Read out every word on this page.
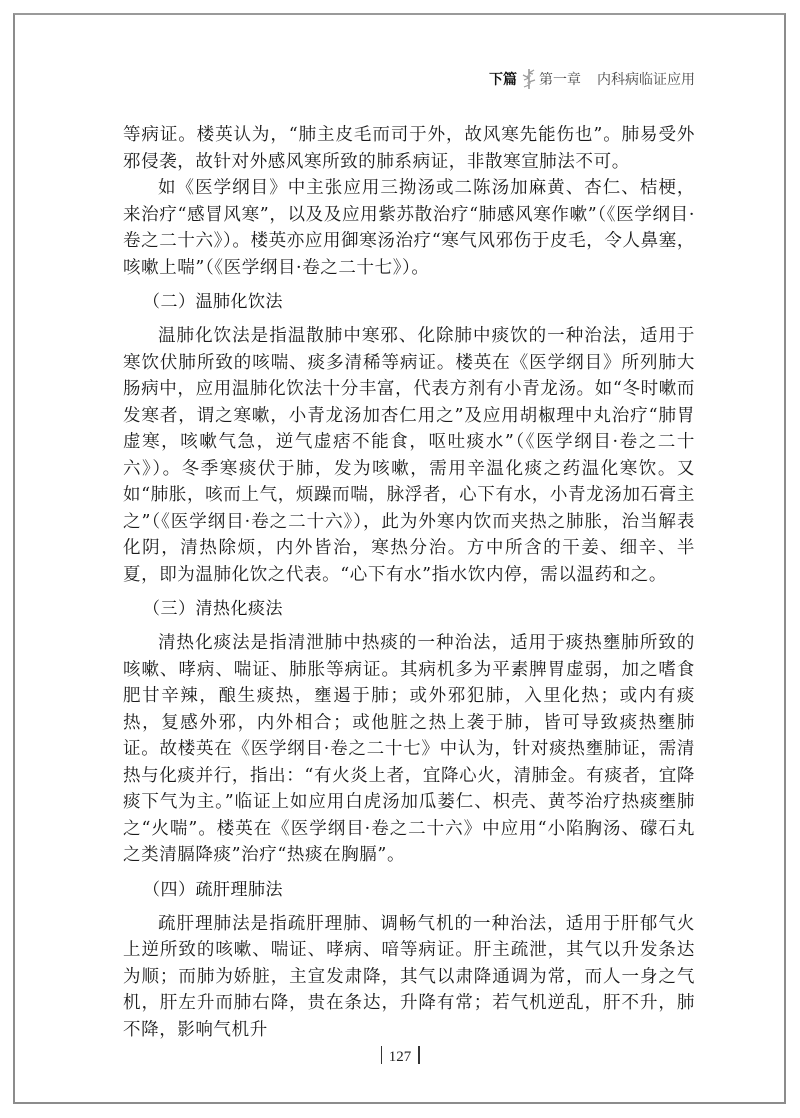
下篇 第一章 内科病临证应用

等病证。楼英认为，“肺主皮毛而司于外，故风寒先能伤也”。肺易受外邪侵袭，故针对外感风寒所致的肺系病证，非散寒宣肺法不可。

如《医学纲目》中主张应用三拗汤或二陈汤加麻黄、杏仁、桔梗，来治疗“感冒风寒”，以及及应用紫苏散治疗“肺感风寒作嗽”（《医学纲目·卷之二十六》）。楼英亦应用御寒汤治疗“寒气风邪伤于皮毛，令人鼻塞，咳嗽上喘”（《医学纲目·卷之二十七》）。

（二）温肺化饮法

温肺化饮法是指温散肺中寒邪、化除肺中痰饮的一种治法，适用于寒饮伏肺所致的咳喘、痰多清稀等病证。楼英在《医学纲目》所列肺大肠病中，应用温肺化饮法十分丰富，代表方剂有小青龙汤。如“冬时嗽而发寒者，谓之寒嗽，小青龙汤加杏仁用之”及应用胡椒理中丸治疗“肺胃虚寒，咳嗽气急，逆气虚痞不能食，呕吐痰水”（《医学纲目·卷之二十六》）。冬季寒痰伏于肺，发为咳嗽，需用辛温化痰之药温化寒饮。又如“肺胀，咳而上气，烦躁而喘，脉浮者，心下有水，小青龙汤加石膏主之”（《医学纲目·卷之二十六》），此为外寒内饮而夹热之肺胀，治当解表化阴，清热除烦，内外皆治，寒热分治。方中所含的干姜、细辛、半夏，即为温肺化饮之代表。“心下有水”指水饮内停，需以温药和之。

（三）清热化痰法

清热化痰法是指清泄肺中热痰的一种治法，适用于痰热壅肺所致的咳嗽、哮病、喘证、肺胀等病证。其病机多为平素脾胃虚弱，加之嗜食肥甘辛辣，酿生痰热，壅遏于肺；或外邪犯肺，入里化热；或内有痰热，复感外邪，内外相合；或他脏之热上袭于肺，皆可导致痰热壅肺证。故楼英在《医学纲目·卷之二十七》中认为，针对痰热壅肺证，需清热与化痰并行，指出：“有火炎上者，宜降心火，清肺金。有痰者，宜降痰下气为主。”临证上如应用白虎汤加瓜蒌仁、枳壳、黄芩治疗热痰壅肺之“火喘”。楼英在《医学纲目·卷之二十六》中应用“小陷胸汤、礞石丸之类清膈降痰”治疗“热痰在胸膈”。

（四）疏肝理肺法

疏肝理肺法是指疏肝理肺、调畅气机的一种治法，适用于肝郁气火上逆所致的咳嗽、喘证、哮病、喑等病证。肝主疏泄，其气以升发条达为顺；而肺为娇脏，主宣发肃降，其气以肃降通调为常，而人一身之气机，肝左升而肺右降，贵在条达，升降有常；若气机逆乱，肝不升，肺不降，影响气机升

127
